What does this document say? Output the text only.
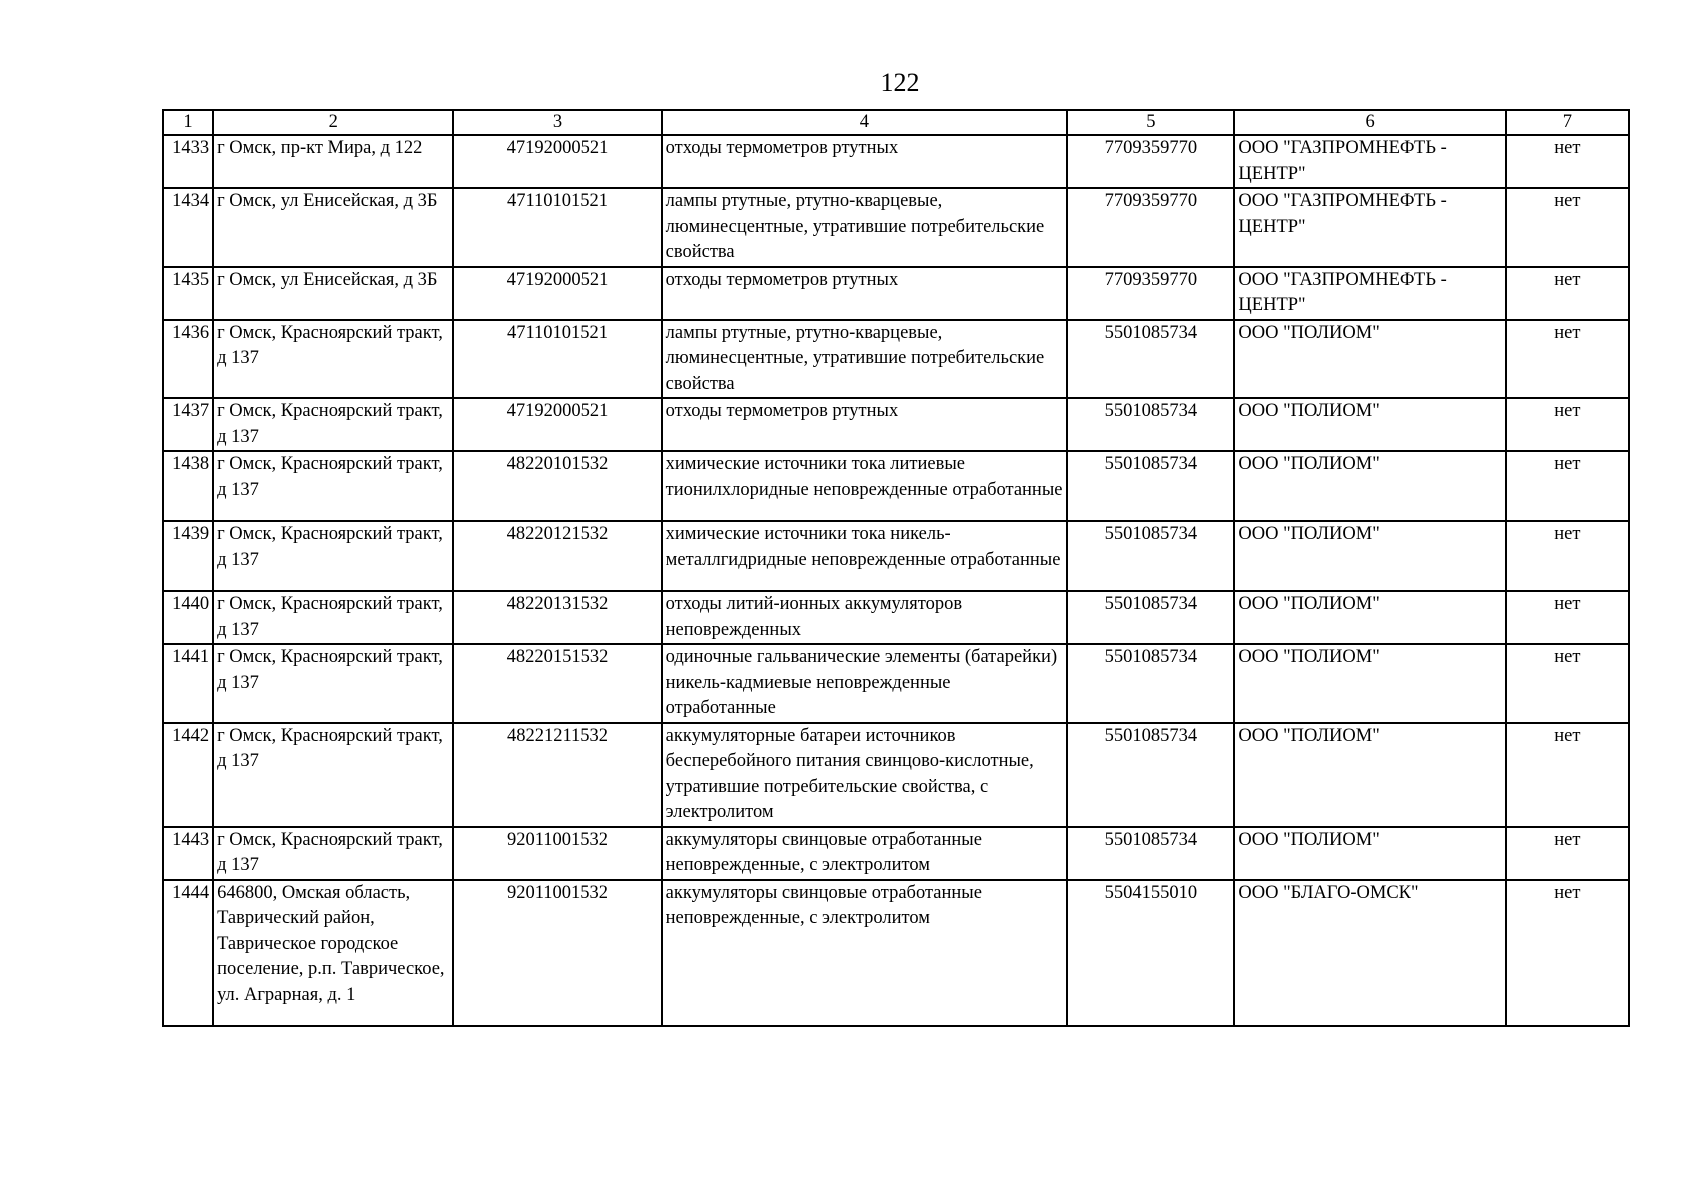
122
1	2	3	4	5	6	7
1433	г Омск, пр-кт Мира, д 122	47192000521	отходы термометров ртутных	7709359770	ООО "ГАЗПРОМНЕФТЬ - ЦЕНТР"	нет
1434	г Омск, ул Енисейская, д 3Б	47110101521	лампы ртутные, ртутно-кварцевые, люминесцентные, утратившие потребительские свойства	7709359770	ООО "ГАЗПРОМНЕФТЬ - ЦЕНТР"	нет
1435	г Омск, ул Енисейская, д 3Б	47192000521	отходы термометров ртутных	7709359770	ООО "ГАЗПРОМНЕФТЬ - ЦЕНТР"	нет
1436	г Омск, Красноярский тракт, д 137	47110101521	лампы ртутные, ртутно-кварцевые, люминесцентные, утратившие потребительские свойства	5501085734	ООО "ПОЛИОМ"	нет
1437	г Омск, Красноярский тракт, д 137	47192000521	отходы термометров ртутных	5501085734	ООО "ПОЛИОМ"	нет
1438	г Омск, Красноярский тракт, д 137	48220101532	химические источники тока литиевые тионилхлоридные неповрежденные отработанные	5501085734	ООО "ПОЛИОМ"	нет
1439	г Омск, Красноярский тракт, д 137	48220121532	химические источники тока никель-металлгидридные неповрежденные отработанные	5501085734	ООО "ПОЛИОМ"	нет
1440	г Омск, Красноярский тракт, д 137	48220131532	отходы литий-ионных аккумуляторов неповрежденных	5501085734	ООО "ПОЛИОМ"	нет
1441	г Омск, Красноярский тракт, д 137	48220151532	одиночные гальванические элементы (батарейки) никель-кадмиевые неповрежденные отработанные	5501085734	ООО "ПОЛИОМ"	нет
1442	г Омск, Красноярский тракт, д 137	48221211532	аккумуляторные батареи источников бесперебойного питания свинцово-кислотные, утратившие потребительские свойства, с электролитом	5501085734	ООО "ПОЛИОМ"	нет
1443	г Омск, Красноярский тракт, д 137	92011001532	аккумуляторы свинцовые отработанные неповрежденные, с электролитом	5501085734	ООО "ПОЛИОМ"	нет
1444	646800, Омская область, Таврический район, Таврическое городское поселение, р.п. Таврическое, ул. Аграрная, д. 1	92011001532	аккумуляторы свинцовые отработанные неповрежденные, с электролитом	5504155010	ООО "БЛАГО-ОМСК"	нет
